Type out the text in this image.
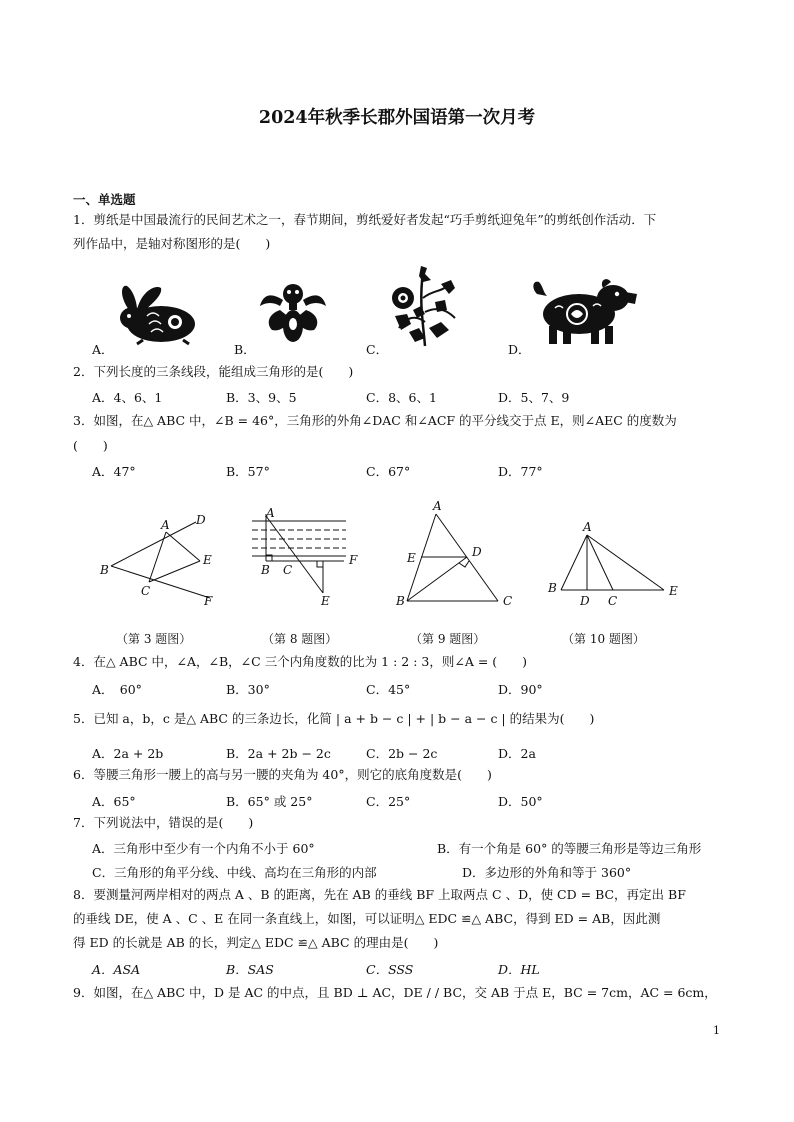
2024年秋季长郡外国语第一次月考
一、单选题
1．剪纸是中国最流行的民间艺术之一，春节期间，剪纸爱好者发起“巧手剪纸迎兔年”的剪纸创作活动．下
列作品中，是轴对称图形的是(　　)
A．	B．	C．	D．
2．下列长度的三条线段，能组成三角形的是(　　)
A．4、6、1	B．3、9、5	C．8、6、1	D．5、7、9
3．如图，在△ ABC 中，∠B = 46°，三角形的外角∠DAC 和∠ACF 的平分线交于点 E，则∠AEC 的度数为
(　　)
A．47°	B．57°	C．67°	D．77°
A D
E
B
C
F
A
B C
F
E
A
D
E
B	C
A
B
D C
E
（第 3 题图）	（第 8 题图）	（第 9 题图）	（第 10 题图）
4．在△ ABC 中，∠A，∠B，∠C 三个内角度数的比为 1 : 2 : 3，则∠A = (　　)
A．　60°	B．30°	C．45°	D．90°
5．已知 a，b，c 是△ ABC 的三条边长，化简 | a + b − c | + | b − a − c | 的结果为(　　)
A．2a + 2b	B．2a + 2b − 2c	C．2b − 2c	D．2a
6．等腰三角形一腰上的高与另一腰的夹角为 40°，则它的底角度数是(　　)
A．65°	B．65° 或 25°	C．25°	D．50°
7．下列说法中，错误的是(　　)
A．三角形中至少有一个内角不小于 60°	B．有一个角是 60° 的等腰三角形是等边三角形
C．三角形的角平分线、中线、高均在三角形的内部	D．多边形的外角和等于 360°
8．要测量河两岸相对的两点 A 、B 的距离，先在 AB 的垂线 BF 上取两点 C 、D，使 CD = BC，再定出 BF
的垂线 DE，使 A 、C 、E 在同一条直线上，如图，可以证明△ EDC ≌△ ABC，得到 ED = AB，因此测
得 ED 的长就是 AB 的长，判定△ EDC ≌△ ABC 的理由是(　　)
A．ASA	B．SAS	C．SSS	D．HL
9．如图，在△ ABC 中，D 是 AC 的中点，且 BD ⊥ AC，DE / / BC，交 AB 于点 E，BC = 7cm，AC = 6cm，
1
